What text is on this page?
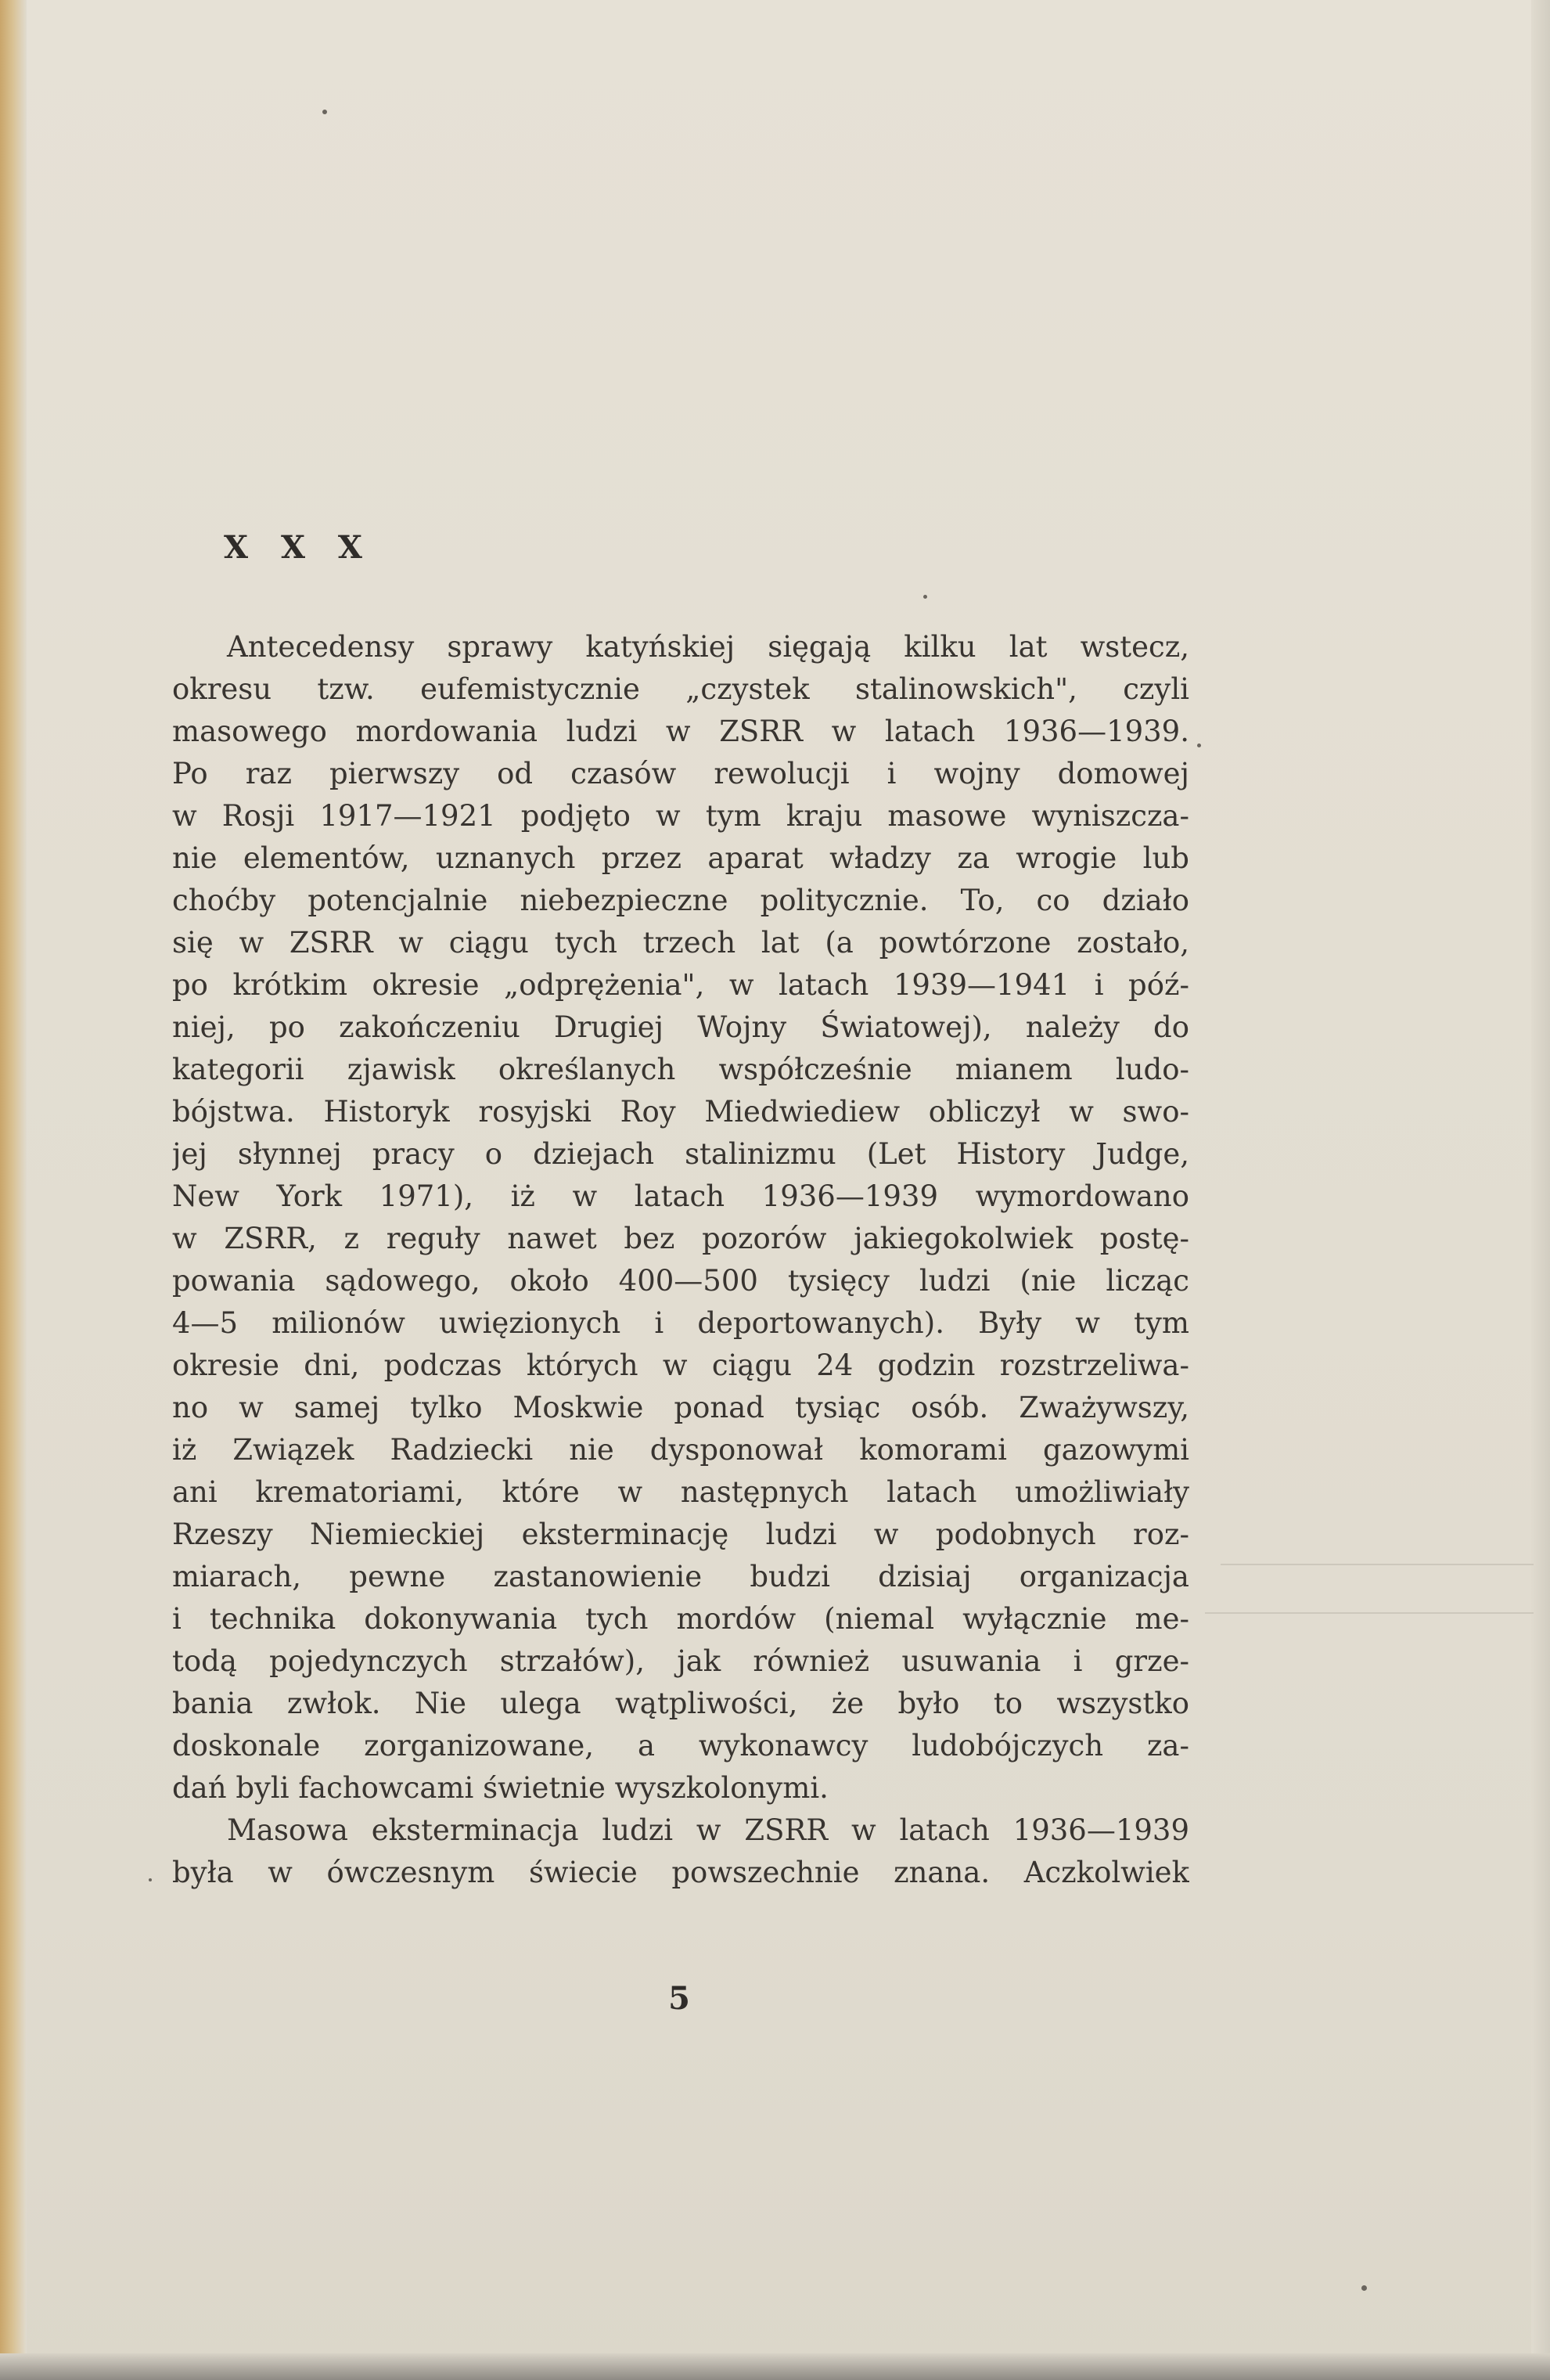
X X X
Antecedensy sprawy katyńskiej sięgają kilku lat wstecz,
okresu tzw. eufemistycznie „czystek stalinowskich", czyli
masowego mordowania ludzi w ZSRR w latach 1936—1939.
Po raz pierwszy od czasów rewolucji i wojny domowej
w Rosji 1917—1921 podjęto w tym kraju masowe wyniszcza-
nie elementów, uznanych przez aparat władzy za wrogie lub
choćby potencjalnie niebezpieczne politycznie. To, co działo
się w ZSRR w ciągu tych trzech lat (a powtórzone zostało,
po krótkim okresie „odprężenia", w latach 1939—1941 i póź-
niej, po zakończeniu Drugiej Wojny Światowej), należy do
kategorii zjawisk określanych współcześnie mianem ludo-
bójstwa. Historyk rosyjski Roy Miedwiediew obliczył w swo-
jej słynnej pracy o dziejach stalinizmu (Let History Judge,
New York 1971), iż w latach 1936—1939 wymordowano
w ZSRR, z reguły nawet bez pozorów jakiegokolwiek postę-
powania sądowego, około 400—500 tysięcy ludzi (nie licząc
4—5 milionów uwięzionych i deportowanych). Były w tym
okresie dni, podczas których w ciągu 24 godzin rozstrzeliwa-
no w samej tylko Moskwie ponad tysiąc osób. Zważywszy,
iż Związek Radziecki nie dysponował komorami gazowymi
ani krematoriami, które w następnych latach umożliwiały
Rzeszy Niemieckiej eksterminację ludzi w podobnych roz-
miarach, pewne zastanowienie budzi dzisiaj organizacja
i technika dokonywania tych mordów (niemal wyłącznie me-
todą pojedynczych strzałów), jak również usuwania i grze-
bania zwłok. Nie ulega wątpliwości, że było to wszystko
doskonale zorganizowane, a wykonawcy ludobójczych za-
dań byli fachowcami świetnie wyszkolonymi.
Masowa eksterminacja ludzi w ZSRR w latach 1936—1939
była w ówczesnym świecie powszechnie znana. Aczkolwiek

5
